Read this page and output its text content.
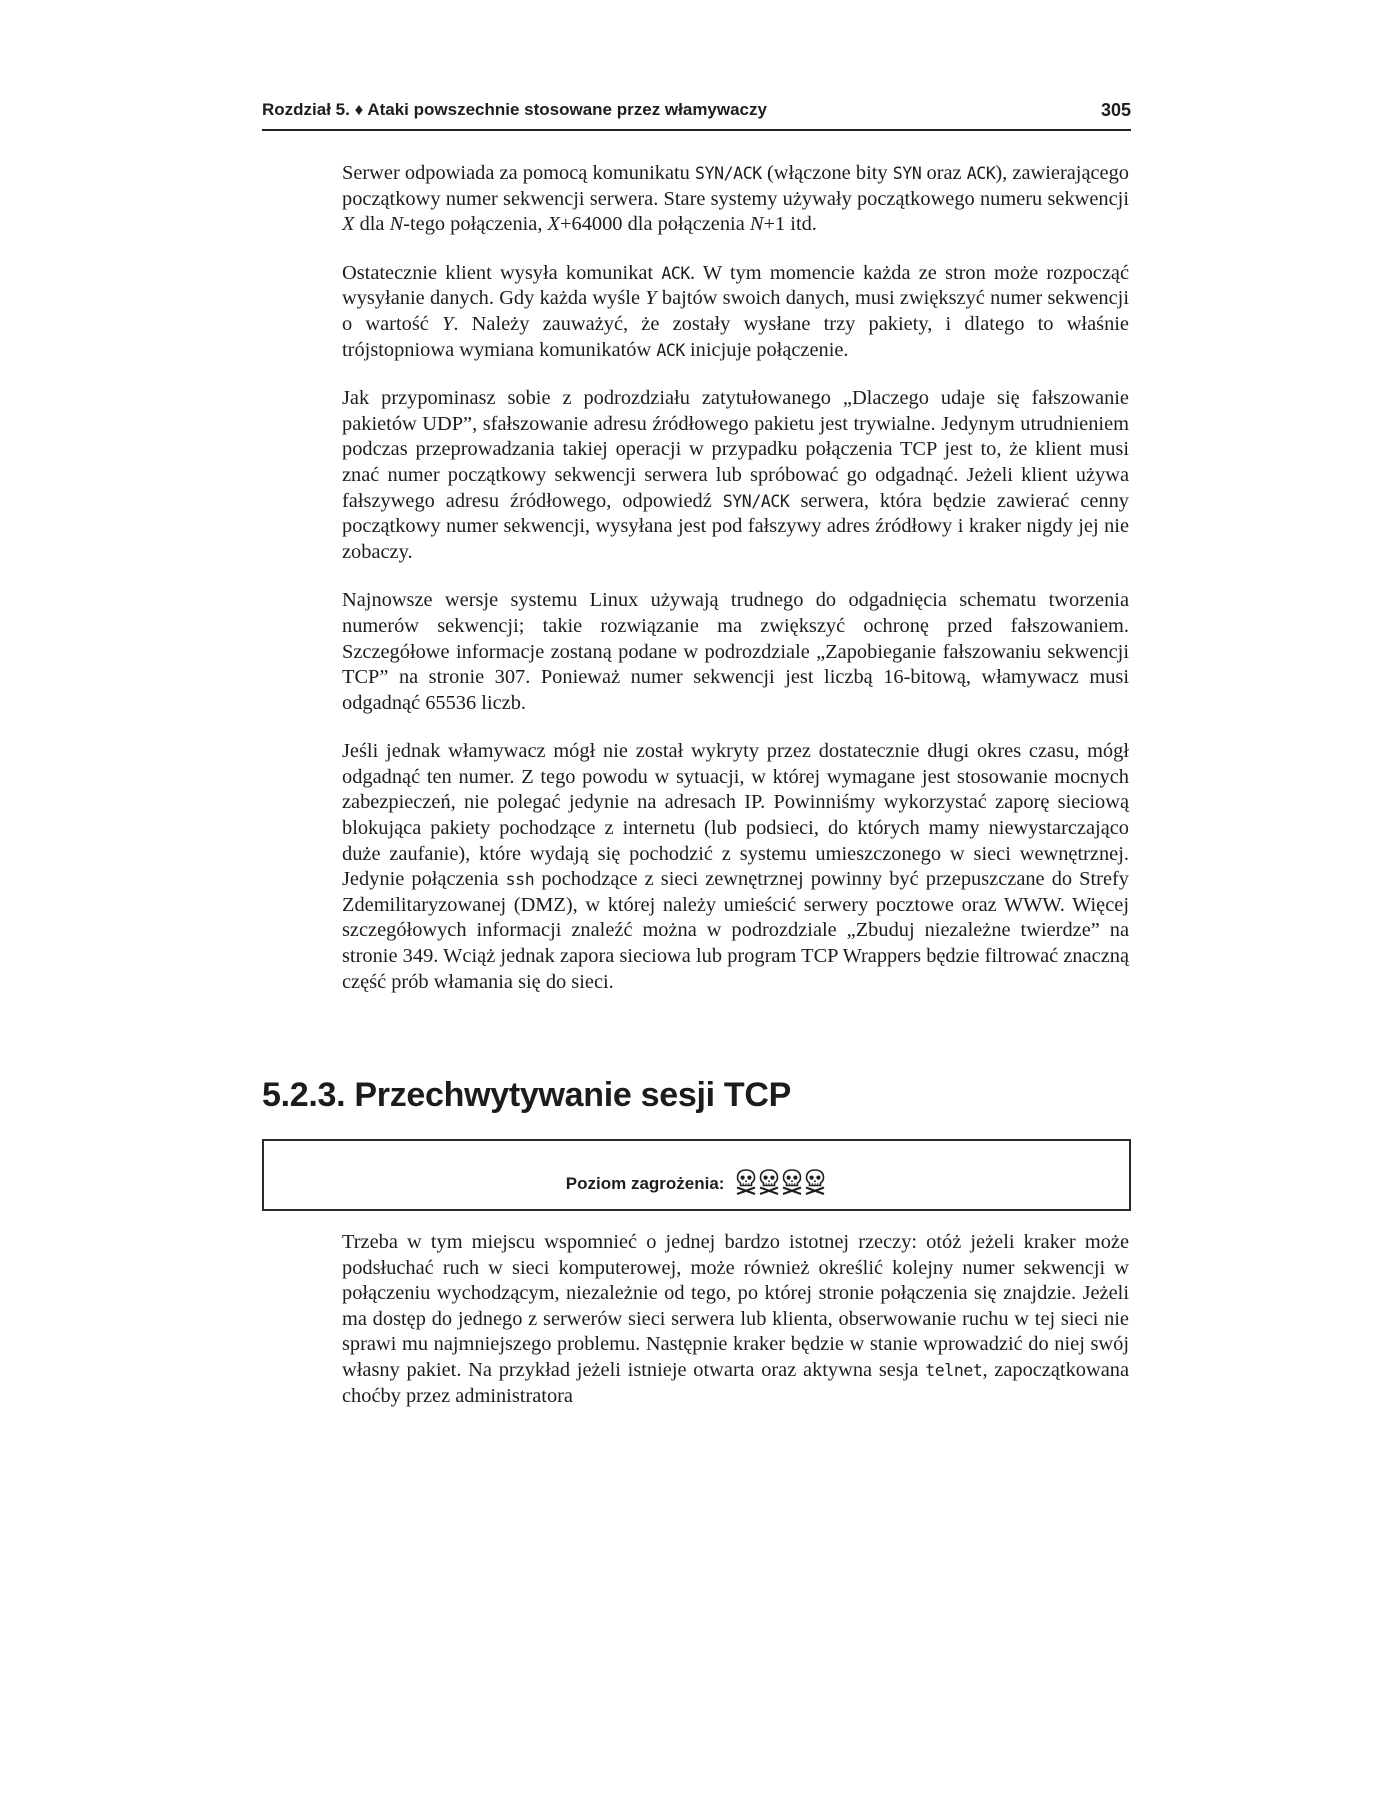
Rozdział 5. ♦ Ataki powszechnie stosowane przez włamywaczy	305

Serwer odpowiada za pomocą komunikatu SYN/ACK (włączone bity SYN oraz ACK), zawierającego początkowy numer sekwencji serwera. Stare systemy używały początkowego numeru sekwencji X dla N-tego połączenia, X+64000 dla połączenia N+1 itd.

Ostatecznie klient wysyła komunikat ACK. W tym momencie każda ze stron może rozpocząć wysyłanie danych. Gdy każda wyśle Y bajtów swoich danych, musi zwiększyć numer sekwencji o wartość Y. Należy zauważyć, że zostały wysłane trzy pakiety, i dlatego to właśnie trójstopniowa wymiana komunikatów ACK inicjuje połączenie.

Jak przypominasz sobie z podrozdziału zatytułowanego „Dlaczego udaje się fałszowanie pakietów UDP”, sfałszowanie adresu źródłowego pakietu jest trywialne. Jedynym utrudnieniem podczas przeprowadzania takiej operacji w przypadku połączenia TCP jest to, że klient musi znać numer początkowy sekwencji serwera lub spróbować go odgadnąć. Jeżeli klient używa fałszywego adresu źródłowego, odpowiedź SYN/ACK serwera, która będzie zawierać cenny początkowy numer sekwencji, wysyłana jest pod fałszywy adres źródłowy i kraker nigdy jej nie zobaczy.

Najnowsze wersje systemu Linux używają trudnego do odgadnięcia schematu tworzenia numerów sekwencji; takie rozwiązanie ma zwiększyć ochronę przed fałszowaniem. Szczegółowe informacje zostaną podane w podrozdziale „Zapobieganie fałszowaniu sekwencji TCP” na stronie 307. Ponieważ numer sekwencji jest liczbą 16-bitową, włamywacz musi odgadnąć 65536 liczb.

Jeśli jednak włamywacz mógł nie został wykryty przez dostatecznie długi okres czasu, mógł odgadnąć ten numer. Z tego powodu w sytuacji, w której wymagane jest stosowanie mocnych zabezpieczeń, nie polegać jedynie na adresach IP. Powinniśmy wykorzystać zaporę sieciową blokująca pakiety pochodzące z internetu (lub podsieci, do których mamy niewystarczająco duże zaufanie), które wydają się pochodzić z systemu umieszczonego w sieci wewnętrznej. Jedynie połączenia ssh pochodzące z sieci zewnętrznej powinny być przepuszczane do Strefy Zdemilitaryzowanej (DMZ), w której należy umieścić serwery pocztowe oraz WWW. Więcej szczegółowych informacji znaleźć można w podrozdziale „Zbuduj niezależne twierdze” na stronie 349. Wciąż jednak zapora sieciowa lub program TCP Wrappers będzie filtrować znaczną część prób włamania się do sieci.

5.2.3. Przechwytywanie sesji TCP
Poziom zagrożenia:

Trzeba w tym miejscu wspomnieć o jednej bardzo istotnej rzeczy: otóż jeżeli kraker może podsłuchać ruch w sieci komputerowej, może również określić kolejny numer sekwencji w połączeniu wychodzącym, niezależnie od tego, po której stronie połączenia się znajdzie. Jeżeli ma dostęp do jednego z serwerów sieci serwera lub klienta, obserwowanie ruchu w tej sieci nie sprawi mu najmniejszego problemu. Następnie kraker będzie w stanie wprowadzić do niej swój własny pakiet. Na przykład jeżeli istnieje otwarta oraz aktywna sesja telnet, zapoczątkowana choćby przez administratora
